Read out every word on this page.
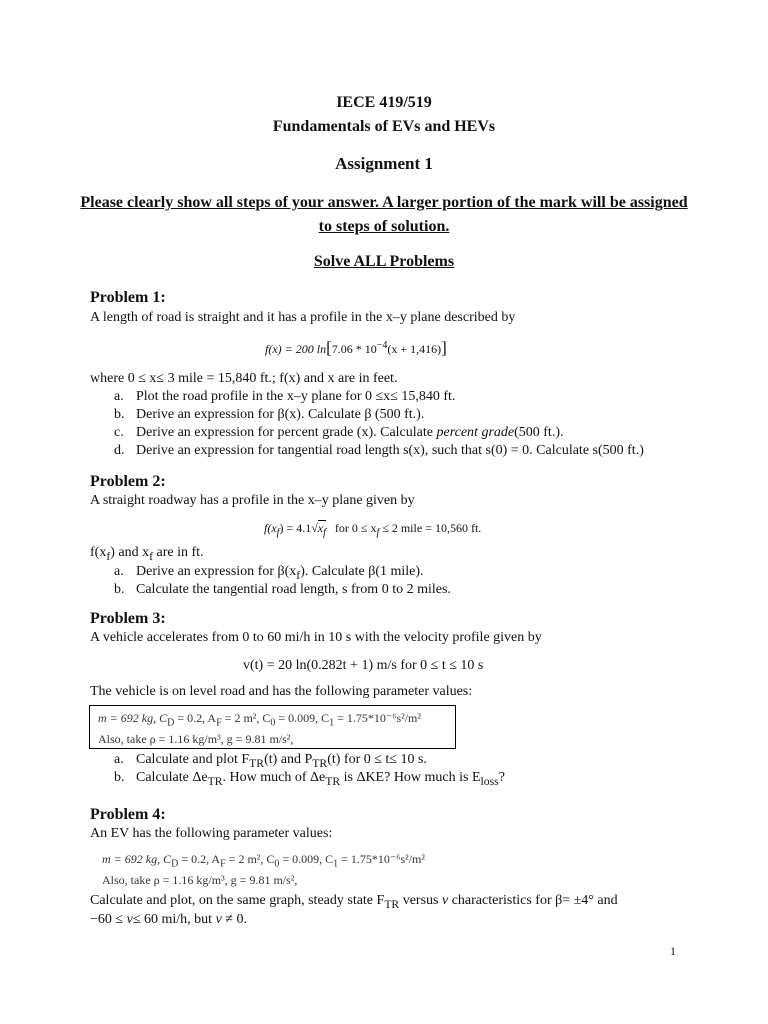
IECE 419/519
Fundamentals of EVs and HEVs
Assignment 1
Please clearly show all steps of your answer. A larger portion of the mark will be assigned to steps of solution.
Solve ALL Problems
Problem 1:
A length of road is straight and it has a profile in the x–y plane described by
f(x) = 200 $\ln[7.06 * 10^{-4}(x + 1,416)]$
where 0 ≤ x≤ 3 mile = 15,840 ft.; f(x) and x are in feet.
a. Plot the road profile in the x–y plane for 0 ≤x≤ 15,840 ft.
b. Derive an expression for β(x). Calculate β (500 ft.).
c. Derive an expression for percent grade (x). Calculate percent grade(500 ft.).
d. Derive an expression for tangential road length s(x), such that s(0) = 0. Calculate s(500 ft.)
Problem 2:
A straight roadway has a profile in the x–y plane given by
$f(x_f) = 4.1√x_f$ for $0 \le x_f \le 2$ mile = 10,560 ft.
$f(x_f)$ and $x_f$ are in ft.
a. Derive an expression for $\beta(x_f)$. Calculate β(1 mile).
b. Calculate the tangential road length, s from 0 to 2 miles.
Problem 3:
A vehicle accelerates from 0 to 60 mi/h in 10 s with the velocity profile given by
v(t) = 20 ln(0.282t + 1) m/s for 0 ≤ t ≤ 10 s
The vehicle is on level road and has the following parameter values:
m = 692 kg, $C_D = 0.2$, $A_F = 2$ m², $C_0 = 0.009$, $C_1 = 1.75*10^{-6}s^2/m^2$
Also, take ρ = 1.16 kg/m³, g = 9.81 m/s²,
a. Calculate and plot $F_{TR}(t)$ and $P_{TR}(t)$ for 0 ≤ t≤ 10 s.
b. Calculate $\Delta e_{TR}$. How much of $\Delta e_{TR}$ is ΔKE? How much is $E_{loss}$?
Problem 4:
An EV has the following parameter values:
m = 692 kg, $C_D = 0.2$, $A_F = 2$ m², $C_0 = 0.009$, $C_1 = 1.75*10^{-6}s^2/m^2$
Also, take ρ = 1.16 kg/m³, g = 9.81 m/s²,
Calculate and plot, on the same graph, steady state $F_{TR}$ versus v characteristics for β= ±4° and
−60 ≤ v≤ 60 mi/h, but v ≠ 0.
1
